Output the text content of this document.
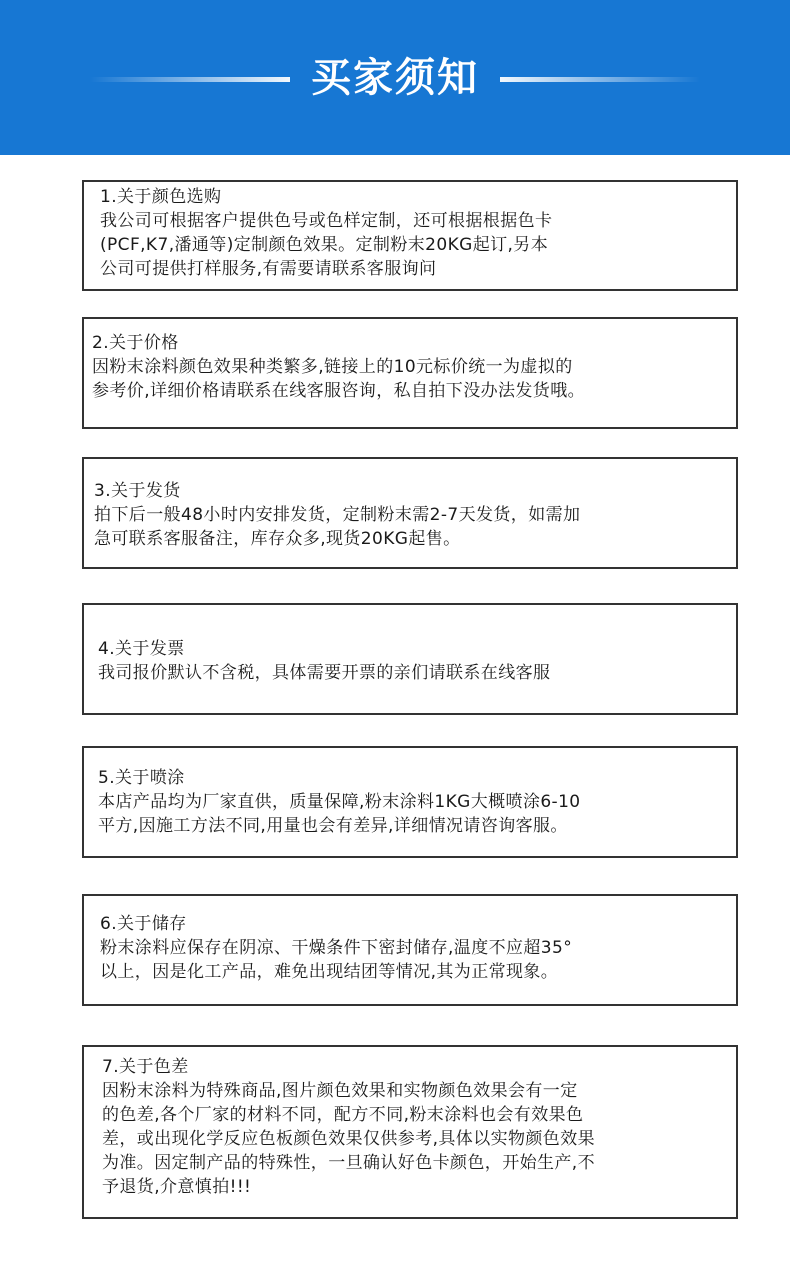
买家须知
1.关于颜色选购
我公司可根据客户提供色号或色样定制，还可根据根据色卡
(PCF,K7,潘通等)定制颜色效果。定制粉末20KG起订,另本
公司可提供打样服务,有需要请联系客服询问
2.关于价格
因粉末涂料颜色效果种类繁多,链接上的10元标价统一为虚拟的
参考价,详细价格请联系在线客服咨询，私自拍下没办法发货哦。
3.关于发货
拍下后一般48小时内安排发货，定制粉末需2-7天发货，如需加
急可联系客服备注，库存众多,现货20KG起售。
4.关于发票
我司报价默认不含税，具体需要开票的亲们请联系在线客服
5.关于喷涂
本店产品均为厂家直供，质量保障,粉末涂料1KG大概喷涂6-10
平方,因施工方法不同,用量也会有差异,详细情况请咨询客服。
6.关于储存
粉末涂料应保存在阴凉、干燥条件下密封储存,温度不应超35°
以上，因是化工产品，难免出现结团等情况,其为正常现象。
7.关于色差
因粉末涂料为特殊商品,图片颜色效果和实物颜色效果会有一定
的色差,各个厂家的材料不同，配方不同,粉末涂料也会有效果色
差，或出现化学反应色板颜色效果仅供参考,具体以实物颜色效果
为准。因定制产品的特殊性，一旦确认好色卡颜色，开始生产,不
予退货,介意慎拍!!!
